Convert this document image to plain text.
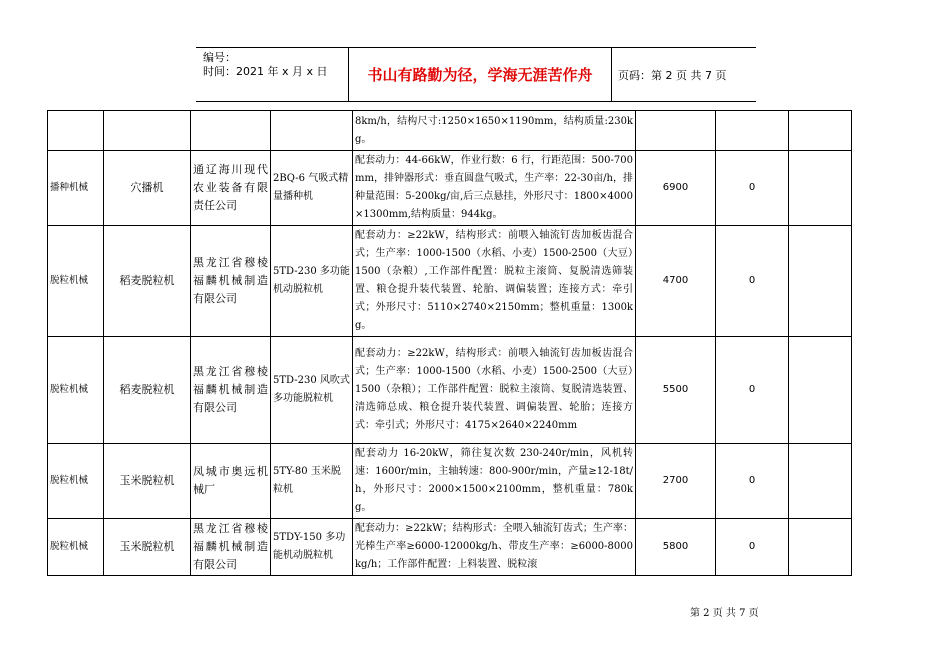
编号：
时间：2021 年 x 月 x 日	书山有路勤为径，学海无涯苦作舟	页码：第 2 页 共 7 页
				8km/h，结构尺寸:1250×1650×1190mm，结构质量:230kg。			
播种机械	穴播机	通辽海川现代农业装备有限责任公司	2BQ-6 气吸式精量播种机	配套动力：44-66kW，作业行数：6 行，行距范围：500-700mm，排钟器形式：垂直圆盘气吸式，生产率：22-30亩/h，排种量范围：5-200kg/亩,后三点悬挂，外形尺寸：1800×4000×1300mm,结构质量：944kg。	6900	0	
脱粒机械	稻麦脱粒机	黑龙江省穆棱福麟机械制造有限公司	5TD-230 多功能机动脱粒机	配套动力：≥22kW，结构形式：前喂入轴流钉齿加板齿混合式；生产率：1000-1500（水稻、小麦）1500-2500（大豆）1500（杂粮）,工作部件配置：脱粒主滚筒、复脱清选筛装置、粮仓提升装代装置、轮胎、调偏装置；连接方式：牵引式；外形尺寸：5110×2740×2150mm；整机重量：1300kg。	4700	0	
脱粒机械	稻麦脱粒机	黑龙江省穆棱福麟机械制造有限公司	5TD-230 风吹式多功能脱粒机	配套动力：≥22kW，结构形式：前喂入轴流钉齿加板齿混合式；生产率：1000-1500（水稻、小麦）1500-2500（大豆）1500（杂粮）；工作部件配置：脱粒主滚筒、复脱清选装置、清选筛总成、粮仓提升装代装置、调偏装置、轮胎；连接方式：牵引式；外形尺寸：4175×2640×2240mm	5500	0	
脱粒机械	玉米脱粒机	凤城市奥远机械厂	5TY-80 玉米脱粒机	配套动力 16-20kW，筛往复次数 230-240r/min，风机转速：1600r/min，主轴转速：800-900r/min，产量≥12-18t/h，外形尺寸：2000×1500×2100mm，整机重量：780kg。	2700	0	
脱粒机械	玉米脱粒机	黑龙江省穆棱福麟机械制造有限公司	5TDY-150 多功能机动脱粒机	配套动力：≥22kW；结构形式：全喂入轴流钉齿式；生产率：光棒生产率≥6000-12000kg/h、带皮生产率：≥6000-8000kg/h；工作部件配置：上料装置、脱粒滚	5800	0	
第 2 页 共 7 页
